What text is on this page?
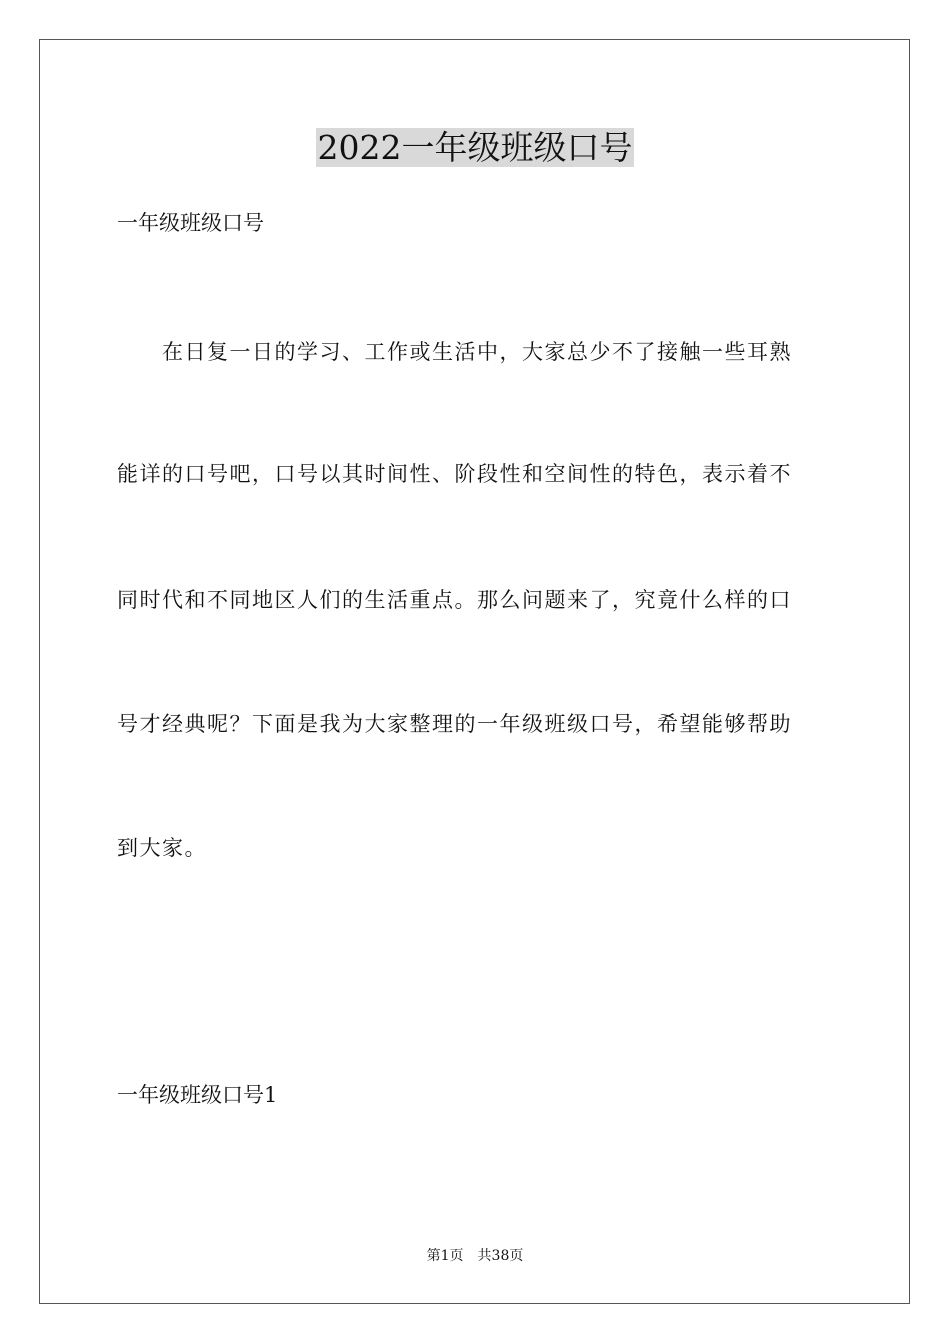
2022一年级班级口号
一年级班级口号
在日复一日的学习、工作或生活中，大家总少不了接触一些耳熟
能详的口号吧，口号以其时间性、阶段性和空间性的特色，表示着不
同时代和不同地区人们的生活重点。那么问题来了，究竟什么样的口
号才经典呢？下面是我为大家整理的一年级班级口号，希望能够帮助
到大家。
一年级班级口号1
第1页 共38页
